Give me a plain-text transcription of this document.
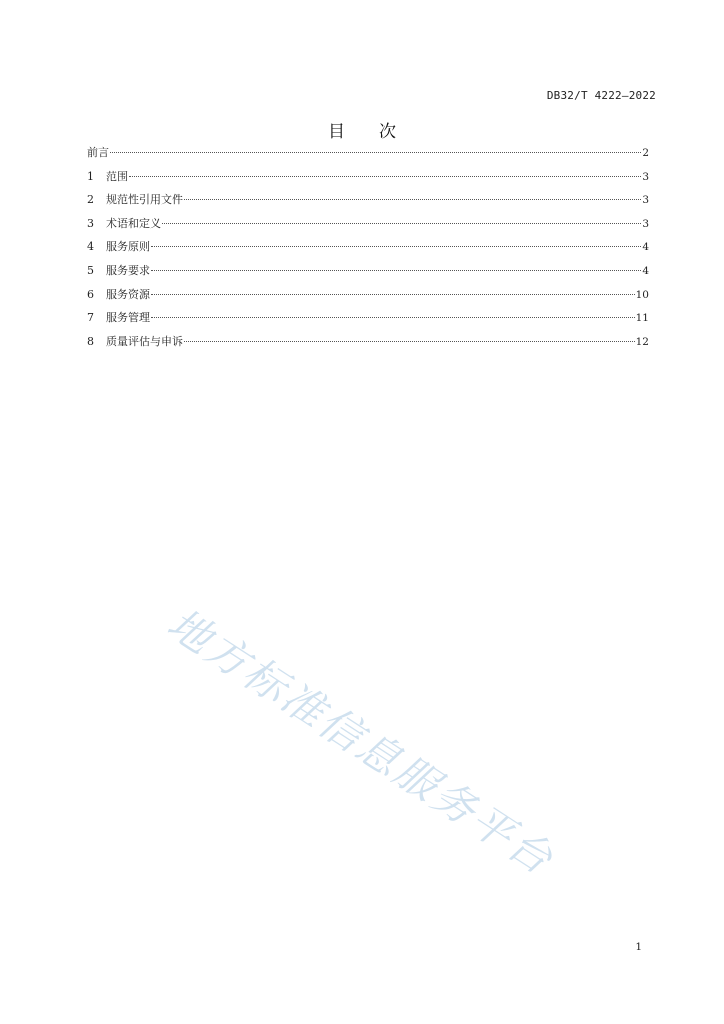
DB32/T 4222—2022
目 次
前言	2
1	范围	3
2	规范性引用文件	3
3	术语和定义	3
4	服务原则	4
5	服务要求	4
6	服务资源	10
7	服务管理	11
8	质量评估与申诉	12
地方标准信息服务平台
1
